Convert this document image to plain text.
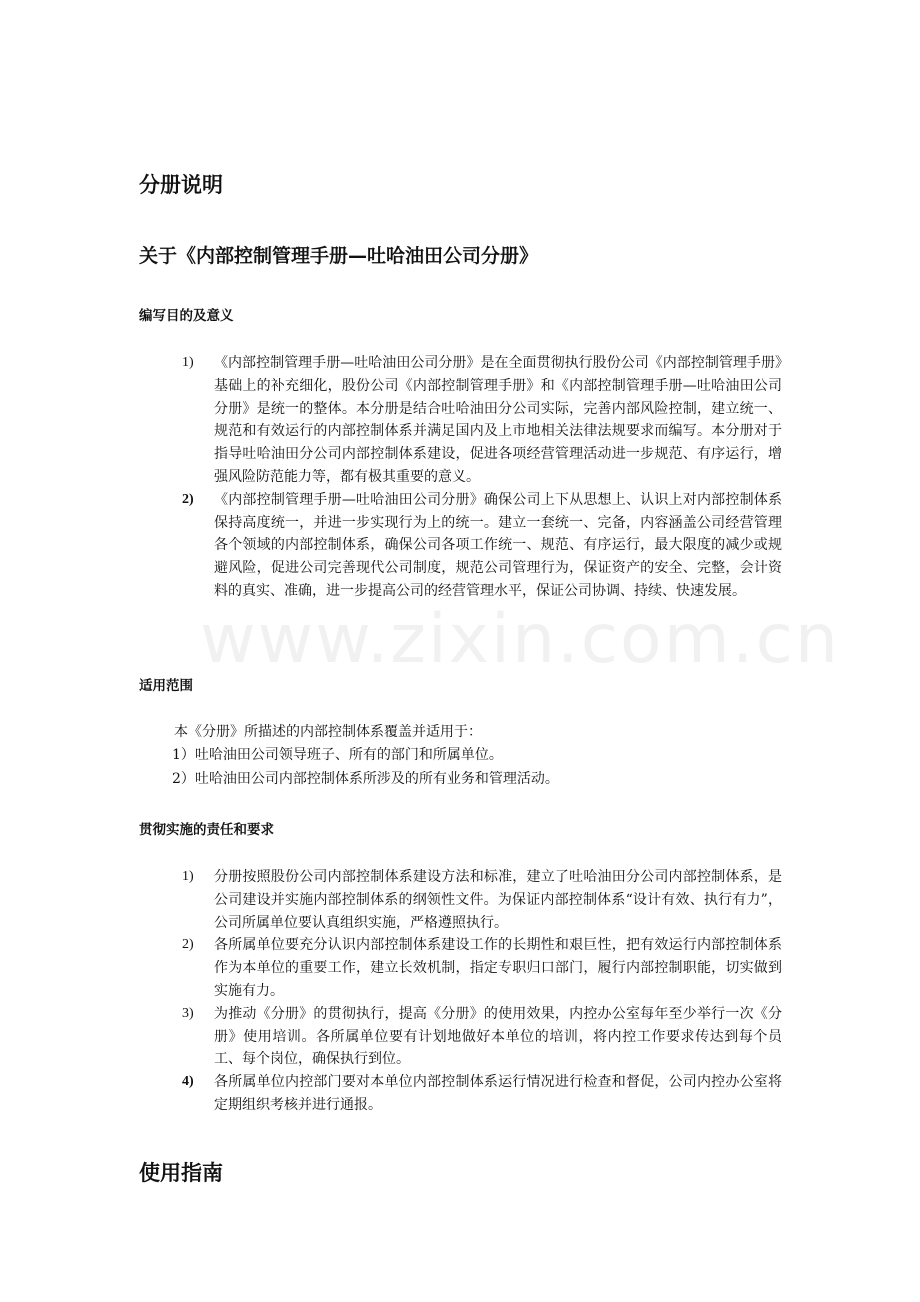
www.zixin.com.cn
分册说明
关于《内部控制管理手册—吐哈油田公司分册》
编写目的及意义
1) 《内部控制管理手册—吐哈油田公司分册》是在全面贯彻执行股份公司《内部控制管理手册》基础上的补充细化，股份公司《内部控制管理手册》和《内部控制管理手册—吐哈油田公司分册》是统一的整体。本分册是结合吐哈油田分公司实际，完善内部风险控制，建立统一、规范和有效运行的内部控制体系并满足国内及上市地相关法律法规要求而编写。本分册对于指导吐哈油田分公司内部控制体系建设，促进各项经营管理活动进一步规范、有序运行，增强风险防范能力等，都有极其重要的意义。
2) 《内部控制管理手册—吐哈油田公司分册》确保公司上下从思想上、认识上对内部控制体系保持高度统一，并进一步实现行为上的统一。建立一套统一、完备，内容涵盖公司经营管理各个领域的内部控制体系，确保公司各项工作统一、规范、有序运行，最大限度的减少或规避风险，促进公司完善现代公司制度，规范公司管理行为，保证资产的安全、完整，会计资料的真实、准确，进一步提高公司的经营管理水平，保证公司协调、持续、快速发展。
适用范围

本《分册》所描述的内部控制体系覆盖并适用于：

1）吐哈油田公司领导班子、所有的部门和所属单位。

2）吐哈油田公司内部控制体系所涉及的所有业务和管理活动。

贯彻实施的责任和要求
1) 分册按照股份公司内部控制体系建设方法和标准，建立了吐哈油田分公司内部控制体系，是公司建设并实施内部控制体系的纲领性文件。为保证内部控制体系“设计有效、执行有力”，公司所属单位要认真组织实施，严格遵照执行。
2) 各所属单位要充分认识内部控制体系建设工作的长期性和艰巨性，把有效运行内部控制体系作为本单位的重要工作，建立长效机制，指定专职归口部门，履行内部控制职能，切实做到实施有力。
3) 为推动《分册》的贯彻执行，提高《分册》的使用效果，内控办公室每年至少举行一次《分册》使用培训。各所属单位要有计划地做好本单位的培训，将内控工作要求传达到每个员工、每个岗位，确保执行到位。
4) 各所属单位内控部门要对本单位内部控制体系运行情况进行检查和督促，公司内控办公室将定期组织考核并进行通报。
使用指南
